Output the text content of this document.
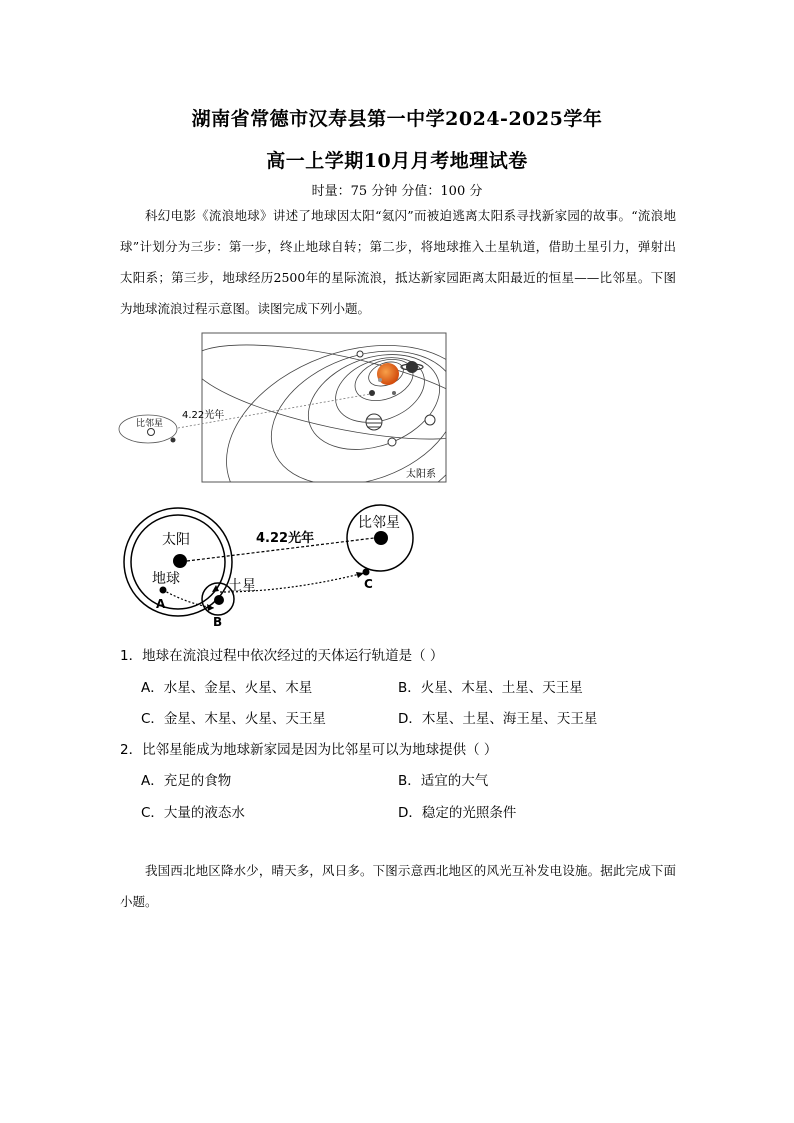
湖南省常德市汉寿县第一中学2024-2025学年
高一上学期10月月考地理试卷
时量：75 分钟 分值：100 分
科幻电影《流浪地球》讲述了地球因太阳“氦闪”而被迫逃离太阳系寻找新家园的故事。“流浪地球”计划分为三步：第一步，终止地球自转；第二步，将地球推入土星轨道，借助土星引力，弹射出太阳系；第三步，地球经历2500年的星际流浪，抵达新家园距离太阳最近的恒星——比邻星。下图为地球流浪过程示意图。读图完成下列小题。
比邻星
4.22光年
太阳系
太阳
地球	土星
比邻星
4.22光年
A
B
C
1．地球在流浪过程中依次经过的天体运行轨道是（ ）
A．水星、金星、火星、木星	B．火星、木星、土星、天王星
C．金星、木星、火星、天王星	D．木星、土星、海王星、天王星
2．比邻星能成为地球新家园是因为比邻星可以为地球提供（ ）
A．充足的食物	B．适宜的大气
C．大量的液态水	D．稳定的光照条件
我国西北地区降水少，晴天多，风日多。下图示意西北地区的风光互补发电设施。据此完成下面小题。
